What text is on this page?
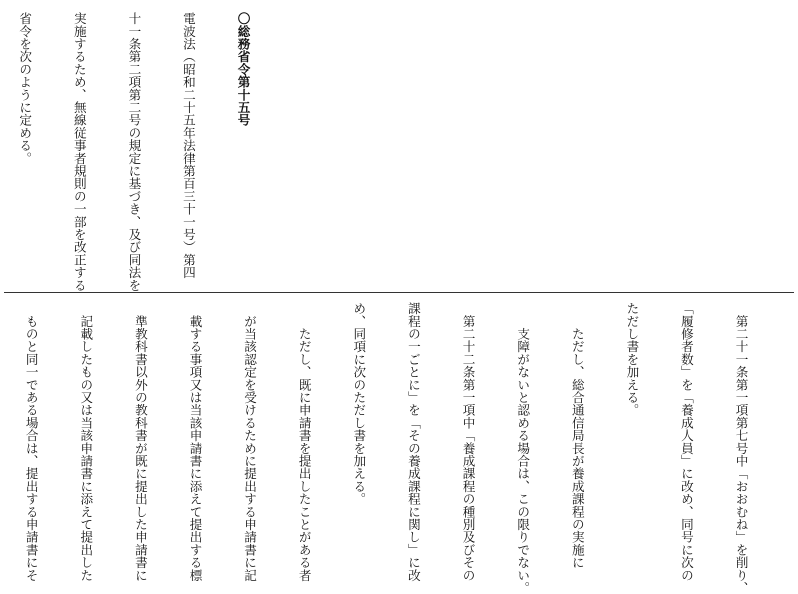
〇総務省令第十五号

電波法（昭和二十五年法律第百三十一号）第四

十一条第二項第二号の規定に基づき、及び同法を

実施するため、無線従事者規則の一部を改正する

省令を次のように定める。

　第二十一条第一項第七号中「おおむね」を削り、

「履修者数」を「養成人員」に改め、同号に次の

ただし書を加える。

　　ただし、総合通信局長が養成課程の実施に

　　支障がないと認める場合は、この限りでない。

　第二十二条第一項中「養成課程の種別及びその

課程の一ごとに」を「その養成課程に関し」に改

め、同項に次のただし書を加える。

　　ただし、既に申請書を提出したことがある者

　が当該認定を受けるために提出する申請書に記

　載する事項又は当該申請書に添えて提出する標

　準教科書以外の教科書が既に提出した申請書に

　記載したもの又は当該申請書に添えて提出した

　ものと同一である場合は、提出する申請書にそ
